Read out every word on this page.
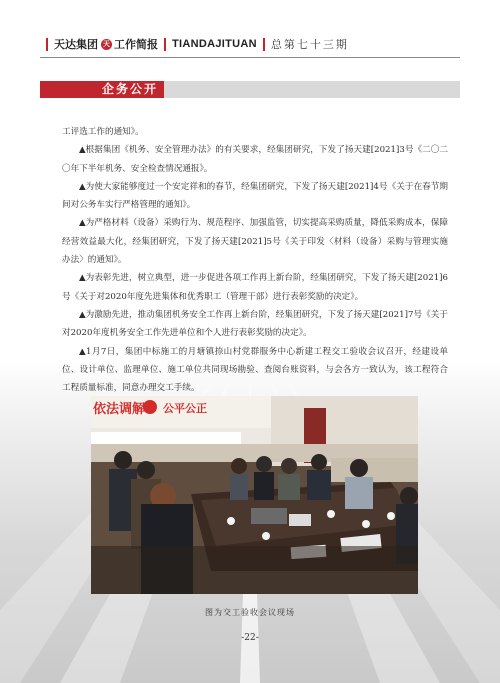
天达集团 天 工作简报 TIANDAJITUAN 总第七十三期
企务公开

工评选工作的通知》。

▲根据集团《机务、安全管理办法》的有关要求，经集团研究，下发了扬天建[2021]3号《二〇二〇年下半年机务、安全检查情况通报》。

▲为使大家能够度过一个安定祥和的春节，经集团研究，下发了扬天建[2021]4号《关于在春节期间对公务车实行严格管理的通知》。

▲为严格材料（设备）采购行为、规范程序、加强监管，切实提高采购质量，降低采购成本，保障经营效益最大化，经集团研究，下发了扬天建[2021]5号《关于印发〈材料（设备）采购与管理实施办法〉的通知》。

▲为表彰先进，树立典型，进一步促进各项工作再上新台阶，经集团研究，下发了扬天建[2021]6号《关于对2020年度先进集体和优秀职工（管理干部）进行表彰奖励的决定》。

▲为激励先进，推动集团机务安全工作再上新台阶，经集团研究，下发了扬天建[2021]7号《关于对2020年度机务安全工作先进单位和个人进行表彰奖励的决定》。

▲1月7日，集团中标施工的月塘镇捺山村党群服务中心新建工程交工验收会议召开，经建设单位、设计单位、监理单位、施工单位共同现场勘验、查阅台账资料，与会各方一致认为，该工程符合工程质量标准，同意办理交工手续。

依法调解 公平公正
图为交工验收会议现场
-22-
